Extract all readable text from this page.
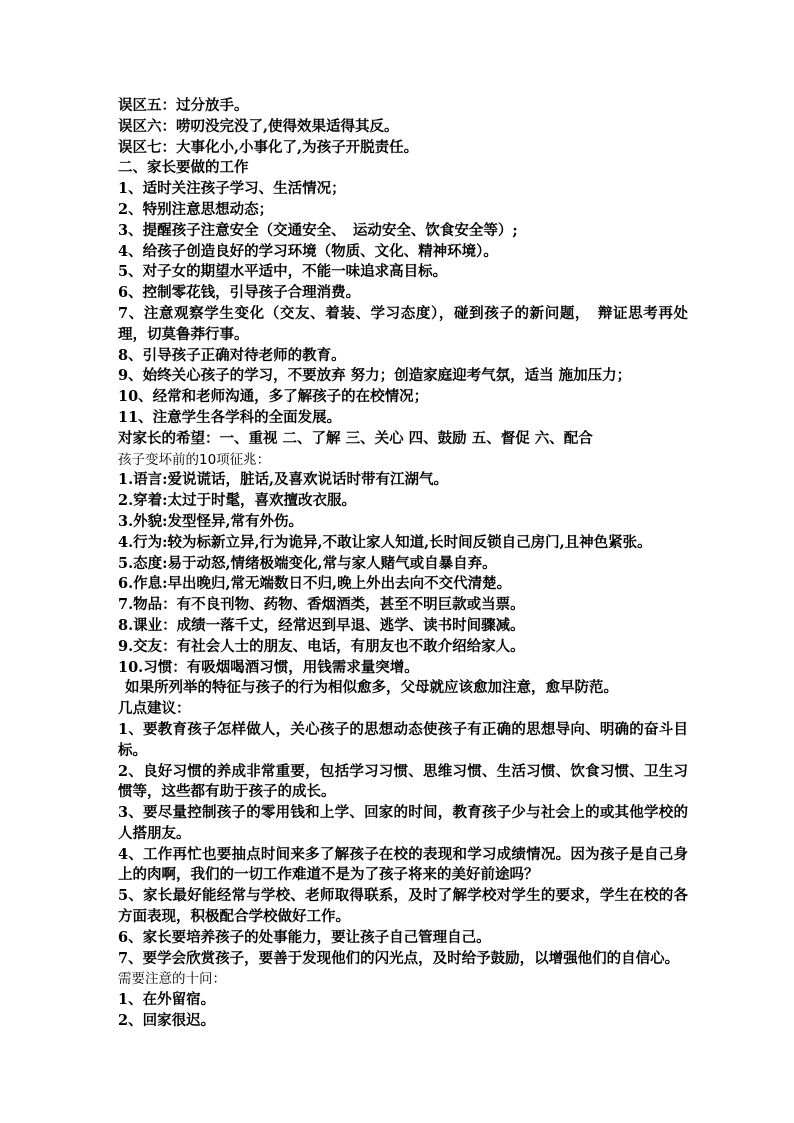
误区五：过分放手。
误区六：唠叨没完没了,使得效果适得其反。
误区七：大事化小,小事化了,为孩子开脱责任。
二、家长要做的工作
1、适时关注孩子学习、生活情况；
2、特别注意思想动态；
3、提醒孩子注意安全（交通安全、　运动安全、饮食安全等）;
4、给孩子创造良好的学习环境（物质、文化、精神环境）。
5、对子女的期望水平适中，不能一味追求高目标。
6、控制零花钱，引导孩子合理消费。
7、注意观察学生变化（交友、着装、学习态度），碰到孩子的新问题，　辩证思考再处理，切莫鲁莽行事。
8、引导孩子正确对待老师的教育。
9、始终关心孩子的学习，不要放弃 努力；创造家庭迎考气氛，适当 施加压力；
10、经常和老师沟通，多了解孩子的在校情况；
11、注意学生各学科的全面发展。
对家长的希望：一、重视 二、了解 三、关心 四、鼓励 五、督促 六、配合
孩子变坏前的10项征兆：
1.语言:爱说谎话，脏话,及喜欢说话时带有江湖气。
2.穿着:太过于时髦，喜欢擅改衣服。
3.外貌:发型怪异,常有外伤。
4.行为:较为标新立异,行为诡异,不敢让家人知道,长时间反锁自己房门,且神色紧张。
5.态度:易于动怒,情绪极端变化,常与家人赌气或自暴自弃。
6.作息:早出晚归,常无端数日不归,晚上外出去向不交代清楚。
7.物品：有不良刊物、药物、香烟酒类，甚至不明巨款或当票。
8.课业：成绩一落千丈，经常迟到早退、逃学、读书时间骤减。
9.交友：有社会人士的朋友、电话，有朋友也不敢介绍给家人。
10.习惯：有吸烟喝酒习惯，用钱需求量突增。
如果所列举的特征与孩子的行为相似愈多，父母就应该愈加注意，愈早防范。
几点建议：
1、要教育孩子怎样做人，关心孩子的思想动态使孩子有正确的思想导向、明确的奋斗目标。
2、良好习惯的养成非常重要，包括学习习惯、思维习惯、生活习惯、饮食习惯、卫生习惯等，这些都有助于孩子的成长。
3、要尽量控制孩子的零用钱和上学、回家的时间，教育孩子少与社会上的或其他学校的人搭朋友。
4、工作再忙也要抽点时间来多了解孩子在校的表现和学习成绩情况。因为孩子是自己身上的肉啊，我们的一切工作难道不是为了孩子将来的美好前途吗？
5、家长最好能经常与学校、老师取得联系，及时了解学校对学生的要求，学生在校的各方面表现，积极配合学校做好工作。
6、家长要培养孩子的处事能力，要让孩子自己管理自己。
7、要学会欣赏孩子，要善于发现他们的闪光点，及时给予鼓励，以增强他们的自信心。
需要注意的十问：
1、在外留宿。
2、回家很迟。
